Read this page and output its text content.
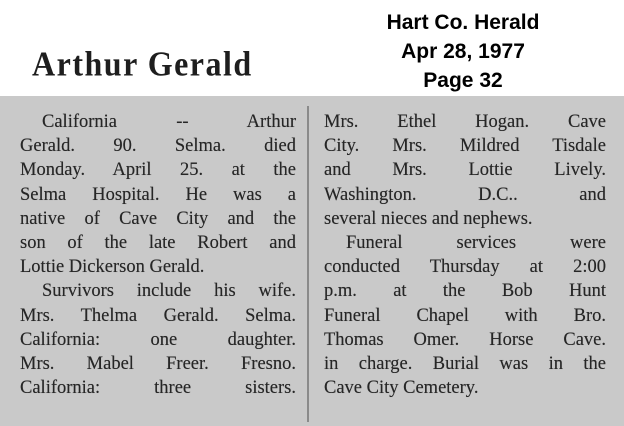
Hart Co. Herald
Apr 28, 1977
Page 32
Arthur Gerald
California -- Arthur
Gerald. 90. Selma. died
Monday. April 25. at the
Selma Hospital. He was a
native of Cave City and the
son of the late Robert and
Lottie Dickerson Gerald.
Survivors include his wife.
Mrs. Thelma Gerald. Selma.
California: one daughter.
Mrs. Mabel Freer. Fresno.
California: three sisters.
Mrs. Ethel Hogan. Cave
City. Mrs. Mildred Tisdale
and Mrs. Lottie Lively.
Washington. D.C.. and
several nieces and nephews.
Funeral services were
conducted Thursday at 2:00
p.m. at the Bob Hunt
Funeral Chapel with Bro.
Thomas Omer. Horse Cave.
in charge. Burial was in the
Cave City Cemetery.
